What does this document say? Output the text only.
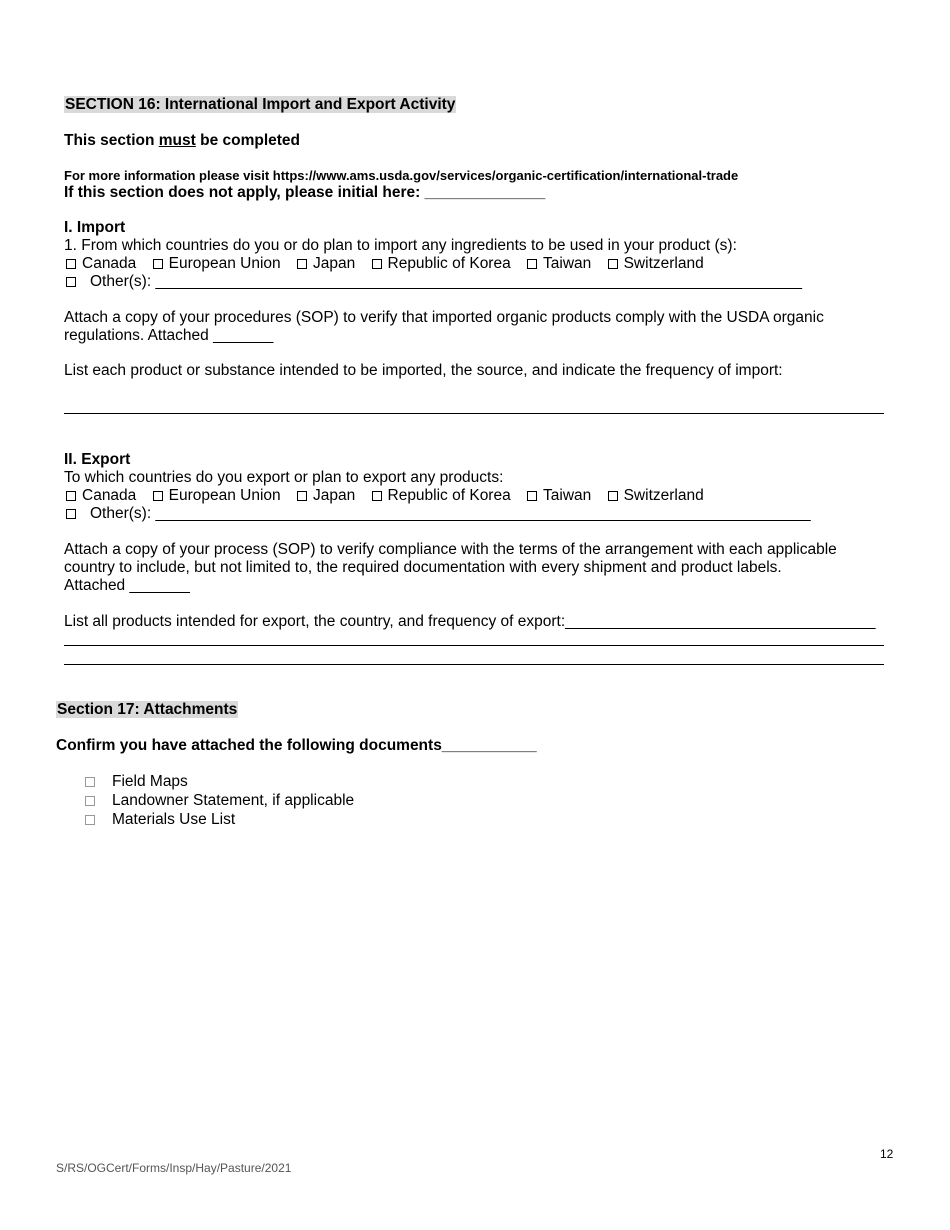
SECTION 16: International Import and Export Activity
This section must be completed
For more information please visit https://www.ams.usda.gov/services/organic-certification/international-trade
If this section does not apply, please initial here: ______________
I. Import
1. From which countries do you or do plan to import any ingredients to be used in your product (s):
Canada European Union Japan Republic of Korea Taiwan Switzerland
Other(s): ___________________________________________________________________________
Attach a copy of your procedures (SOP) to verify that imported organic products comply with the USDA organic
regulations. Attached _______
List each product or substance intended to be imported, the source, and indicate the frequency of import:
II. Export
To which countries do you export or plan to export any products:
Canada European Union Japan Republic of Korea Taiwan Switzerland
Other(s): ____________________________________________________________________________
Attach a copy of your process (SOP) to verify compliance with the terms of the arrangement with each applicable
country to include, but not limited to, the required documentation with every shipment and product labels.
Attached _______
List all products intended for export, the country, and frequency of export:____________________________________
Section 17: Attachments
Confirm you have attached the following documents___________
Field Maps
Landowner Statement, if applicable
Materials Use List
12
S/RS/OGCert/Forms/Insp/Hay/Pasture/2021
